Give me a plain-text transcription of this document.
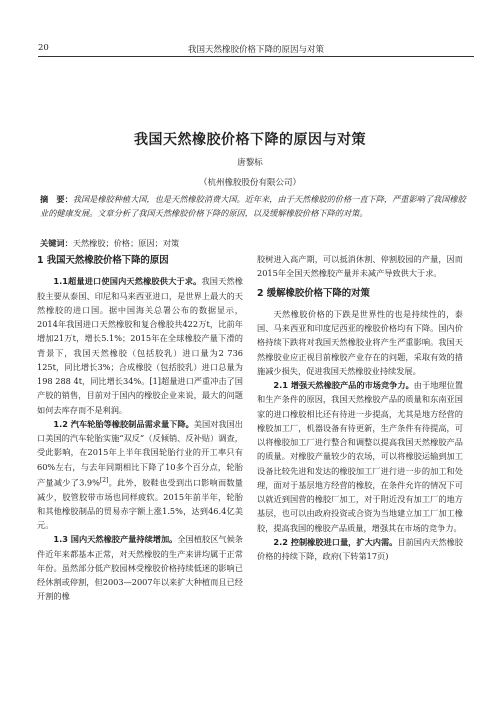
20	我国天然橡胶价格下降的原因与对策
我国天然橡胶价格下降的原因与对策
唐黎标
（杭州橡胶股份有限公司）
摘　要：我国是橡胶种植大国，也是天然橡胶消费大国。近年来，由于天然橡胶的价格一直下降，严重影响了我国橡胶业的健康发展。文章分析了我国天然橡胶价格下降的原因，以及缓解橡胶价格下降的对策。
关键词：天然橡胶；价格；原因；对策
1 我国天然橡胶价格下降的原因

1.1超量进口使国内天然橡胶供大于求。我国天然橡胶主要从泰国、印尼和马来西亚进口，是世界上最大的天然橡胶的进口国。据中国海关总署公布的数据显示，2014年我国进口天然橡胶和复合橡胶共422万t，比前年增加21万t，增长5.1%；2015年在全球橡胶产量下滑的背景下，我国天然橡胶（包括胶乳）进口量为2 736 125t，同比增长3%；合成橡胶（包括胶乳）进口总量为198 288 4t，同比增长34%。[1]超量进口严重冲击了国产胶的销售，目前对于国内的橡胶企业来说，最大的问题如何去库存而不是利润。

1.2 汽车轮胎等橡胶制品需求量下降。美国对我国出口美国的汽车轮胎实施“双反”（反倾销、反补贴）调查，受此影响，在2015年上半年我国轮胎行业的开工率只有60%左右，与去年同期相比下降了10多个百分点，轮胎产量减少了3.9%[2]。此外，胶鞋也受到出口影响而数量减少，胶管胶带市场也同样疲软。2015年前半年，轮胎和其他橡胶制品的贸易赤字额上涨1.5%，达到46.4亿美元。

1.3 国内天然橡胶产量持续增加。全国植胶区气候条件近年来都基本正常，对天然橡胶的生产来讲均属于正常年份。虽然部分低产胶园林受橡胶价格持续低迷的影响已经休割或停割，但2003—2007年以来扩大种植而且已经开割的橡

胶树进入高产期，可以抵消休割、停割胶园的产量，因而2015年全国天然橡胶产量并未减产导致供大于求。

2 缓解橡胶价格下降的对策

天然橡胶价格的下跌是世界性的也是持续性的，泰国、马来西亚和印度尼西亚的橡胶价格均有下降。国内价格持续下跌将对我国天然橡胶业将产生严重影响。我国天然橡胶业应正视目前橡胶产业存在的问题，采取有效的措施减少损失，促进我国天然橡胶业持续发展。

2.1 增强天然橡胶产品的市场竞争力。由于地理位置和生产条件的原因，我国天然橡胶产品的质量和东南亚国家的进口橡胶相比还有待进一步提高，尤其是地方经营的橡胶加工厂，机器设备有待更新，生产条件有待提高，可以将橡胶加工厂进行整合和调整以提高我国天然橡胶产品的质量。对橡胶产量较少的农场，可以将橡胶运输到加工设备比较先进和发达的橡胶加工厂进行进一步的加工和处理，面对于基层地方经营的橡胶，在条件允许的情况下可以就近到国营的橡胶厂加工，对于附近没有加工厂的地方基层，也可以由政府投资或合资为当地建立加工厂加工橡胶，提高我国的橡胶产品质量，增强其在市场的竞争力。

2.2 控制橡胶进口量，扩大内需。目前国内天然橡胶价格的持续下降，政府(下转第17页)
